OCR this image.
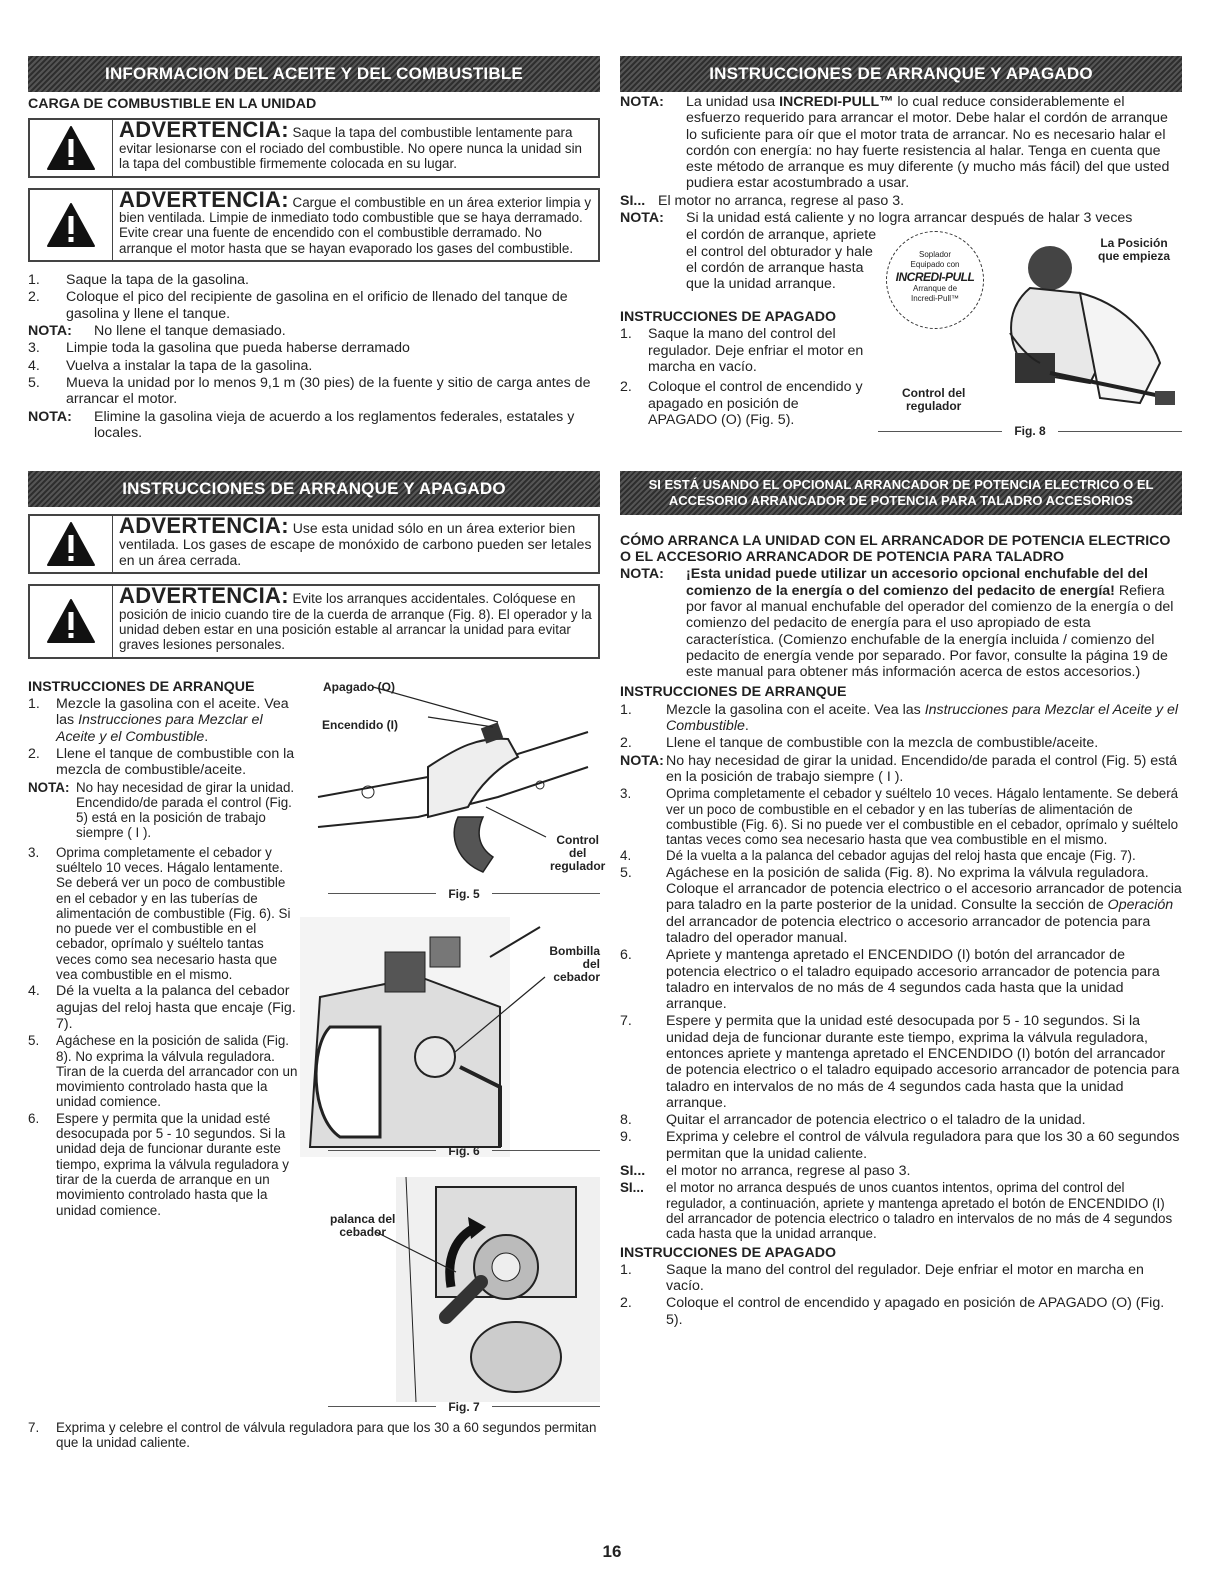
INFORMACION DEL ACEITE Y DEL COMBUSTIBLE
CARGA DE COMBUSTIBLE EN LA UNIDAD
ADVERTENCIA: Saque la tapa del combustible lentamente para evitar lesionarse con el rociado del combustible. No opere nunca la unidad sin la tapa del combustible firmemente colocada en su lugar.
ADVERTENCIA: Cargue el combustible en un área exterior limpia y bien ventilada. Limpie de inmediato todo combustible que se haya derramado. Evite crear una fuente de encendido con el combustible derramado. No arranque el motor hasta que se hayan evaporado los gases del combustible.
1.	Saque la tapa de la gasolina.
2.	Coloque el pico del recipiente de gasolina en el orificio de llenado del tanque de gasolina y llene el tanque.
NOTA:	No llene el tanque demasiado.
3.	Limpie toda la gasolina que pueda haberse derramado
4.	Vuelva a instalar la tapa de la gasolina.
5.	Mueva la unidad por lo menos 9,1 m (30 pies) de la fuente y sitio de carga antes de arrancar el motor.
NOTA:	Elimine la gasolina vieja de acuerdo a los reglamentos federales, estatales y locales.
INSTRUCCIONES DE ARRANQUE Y APAGADO
ADVERTENCIA: Use esta unidad sólo en un área exterior bien ventilada. Los gases de escape de monóxido de carbono pueden ser letales en un área cerrada.
ADVERTENCIA: Evite los arranques accidentales. Colóquese en posición de inicio cuando tire de la cuerda de arranque (Fig. 8). El operador y la unidad deben estar en una posición estable al arrancar la unidad para evitar graves lesiones personales.
INSTRUCCIONES DE ARRANQUE
1.	Mezcle la gasolina con el aceite. Vea las Instrucciones para Mezclar el Aceite y el Combustible.
2.	Llene el tanque de combustible con la mezcla de combustible/aceite.
NOTA: No hay necesidad de girar la unidad. Encendido/de parada el control (Fig. 5) está en la posición de trabajo siempre ( I ).
3.	Oprima completamente el cebador y suéltelo 10 veces. Hágalo lentamente. Se deberá ver un poco de combustible en el cebador y en las tuberías de alimentación de combustible (Fig. 6). Si no puede ver el combustible en el cebador, oprímalo y suéltelo tantas veces como sea necesario hasta que vea combustible en el mismo.
4.	Dé la vuelta a la palanca del cebador agujas del reloj hasta que encaje (Fig. 7).
5.	Agáchese en la posición de salida (Fig. 8). No exprima la válvula reguladora. Tiran de la cuerda del arrancador con un movimiento controlado hasta que la unidad comience.
6.	Espere y permita que la unidad esté desocupada por 5 - 10 segundos. Si la unidad deja de funcionar durante este tiempo, exprima la válvula reguladora y tirar de la cuerda de arranque en un movimiento controlado hasta que la unidad comience.
Apagado (O)
Encendido (I)
Control del
regulador
Fig. 5
Bombilla
del cebador
Fig. 6
palanca del
cebador
Fig. 7
7.	Exprima y celebre el control de válvula reguladora para que los 30 a 60 segundos permitan que la unidad caliente.
INSTRUCCIONES DE ARRANQUE Y APAGADO
NOTA:	La unidad usa INCREDI-PULL™ lo cual reduce considerablemente el esfuerzo requerido para arrancar el motor. Debe halar el cordón de arranque lo suficiente para oír que el motor trata de arrancar. No es necesario halar el cordón con energía: no hay fuerte resistencia al halar. Tenga en cuenta que este método de arranque es muy diferente (y mucho más fácil) del que usted pudiera estar acostumbrado a usar.
SI... El motor no arranca, regrese al paso 3.
NOTA:	Si la unidad está caliente y no logra arrancar después de halar 3 veces
el cordón de arranque, apriete el control del obturador y hale el cordón de arranque hasta que la unidad arranque.
Soplador
Equipado con
INCREDI-PULL
Arranque de
Incredi-Pull™
La Posición
que empieza
INSTRUCCIONES DE APAGADO
1.	Saque la mano del control del regulador. Deje enfriar el motor en marcha en vacío.
2.	Coloque el control de encendido y apagado en posición de APAGADO (O) (Fig. 5).
Control del
regulador
Fig. 8
SI ESTÁ USANDO EL OPCIONAL ARRANCADOR DE POTENCIA ELECTRICO O EL
ACCESORIO ARRANCADOR DE POTENCIA PARA TALADRO ACCESORIOS
CÓMO ARRANCA LA UNIDAD CON EL ARRANCADOR DE POTENCIA ELECTRICO O EL ACCESORIO ARRANCADOR DE POTENCIA PARA TALADRO
NOTA:	¡Esta unidad puede utilizar un accesorio opcional enchufable del del comienzo de la energía o del comienzo del pedacito de energía! Refiera por favor al manual enchufable del operador del comienzo de la energía o del comienzo del pedacito de energía para el uso apropiado de esta característica. (Comienzo enchufable de la energía incluida / comienzo del pedacito de energía vende por separado. Por favor, consulte la página 19 de este manual para obtener más información acerca de estos accesorios.)
INSTRUCCIONES DE ARRANQUE
1.	Mezcle la gasolina con el aceite. Vea las Instrucciones para Mezclar el Aceite y el Combustible.
2.	Llene el tanque de combustible con la mezcla de combustible/aceite.
NOTA: No hay necesidad de girar la unidad. Encendido/de parada el control (Fig. 5) está en la posición de trabajo siempre ( I ).
3.	Oprima completamente el cebador y suéltelo 10 veces. Hágalo lentamente. Se deberá ver un poco de combustible en el cebador y en las tuberías de alimentación de combustible (Fig. 6). Si no puede ver el combustible en el cebador, oprímalo y suéltelo tantas veces como sea necesario hasta que vea combustible en el mismo.
4.	Dé la vuelta a la palanca del cebador agujas del reloj hasta que encaje (Fig. 7).
5.	Agáchese en la posición de salida (Fig. 8). No exprima la válvula reguladora. Coloque el arrancador de potencia electrico o el accesorio arrancador de potencia para taladro en la parte posterior de la unidad. Consulte la sección de Operación del arrancador de potencia electrico o accesorio arrancador de potencia para taladro del operador manual.
6.	Apriete y mantenga apretado el ENCENDIDO (I) botón del arrancador de potencia electrico o el taladro equipado accesorio arrancador de potencia para taladro en intervalos de no más de 4 segundos cada hasta que la unidad arranque.
7.	Espere y permita que la unidad esté desocupada por 5 - 10 segundos. Si la unidad deja de funcionar durante este tiempo, exprima la válvula reguladora, entonces apriete y mantenga apretado el ENCENDIDO (I) botón del arrancador de potencia electrico o el taladro equipado accesorio arrancador de potencia para taladro en intervalos de no más de 4 segundos cada hasta que la unidad arranque.
8.	Quitar el arrancador de potencia electrico o el taladro de la unidad.
9.	Exprima y celebre el control de válvula reguladora para que los 30 a 60 segundos permitan que la unidad caliente.
SI...	el motor no arranca, regrese al paso 3.
SI...	el motor no arranca después de unos cuantos intentos, oprima del control del regulador, a continuación, apriete y mantenga apretado el botón de ENCENDIDO (I) del arrancador de potencia electrico o taladro en intervalos de no más de 4 segundos cada hasta que la unidad arranque.
INSTRUCCIONES DE APAGADO
1.	Saque la mano del control del regulador. Deje enfriar el motor en marcha en vacío.
2.	Coloque el control de encendido y apagado en posición de APAGADO (O) (Fig. 5).
16
